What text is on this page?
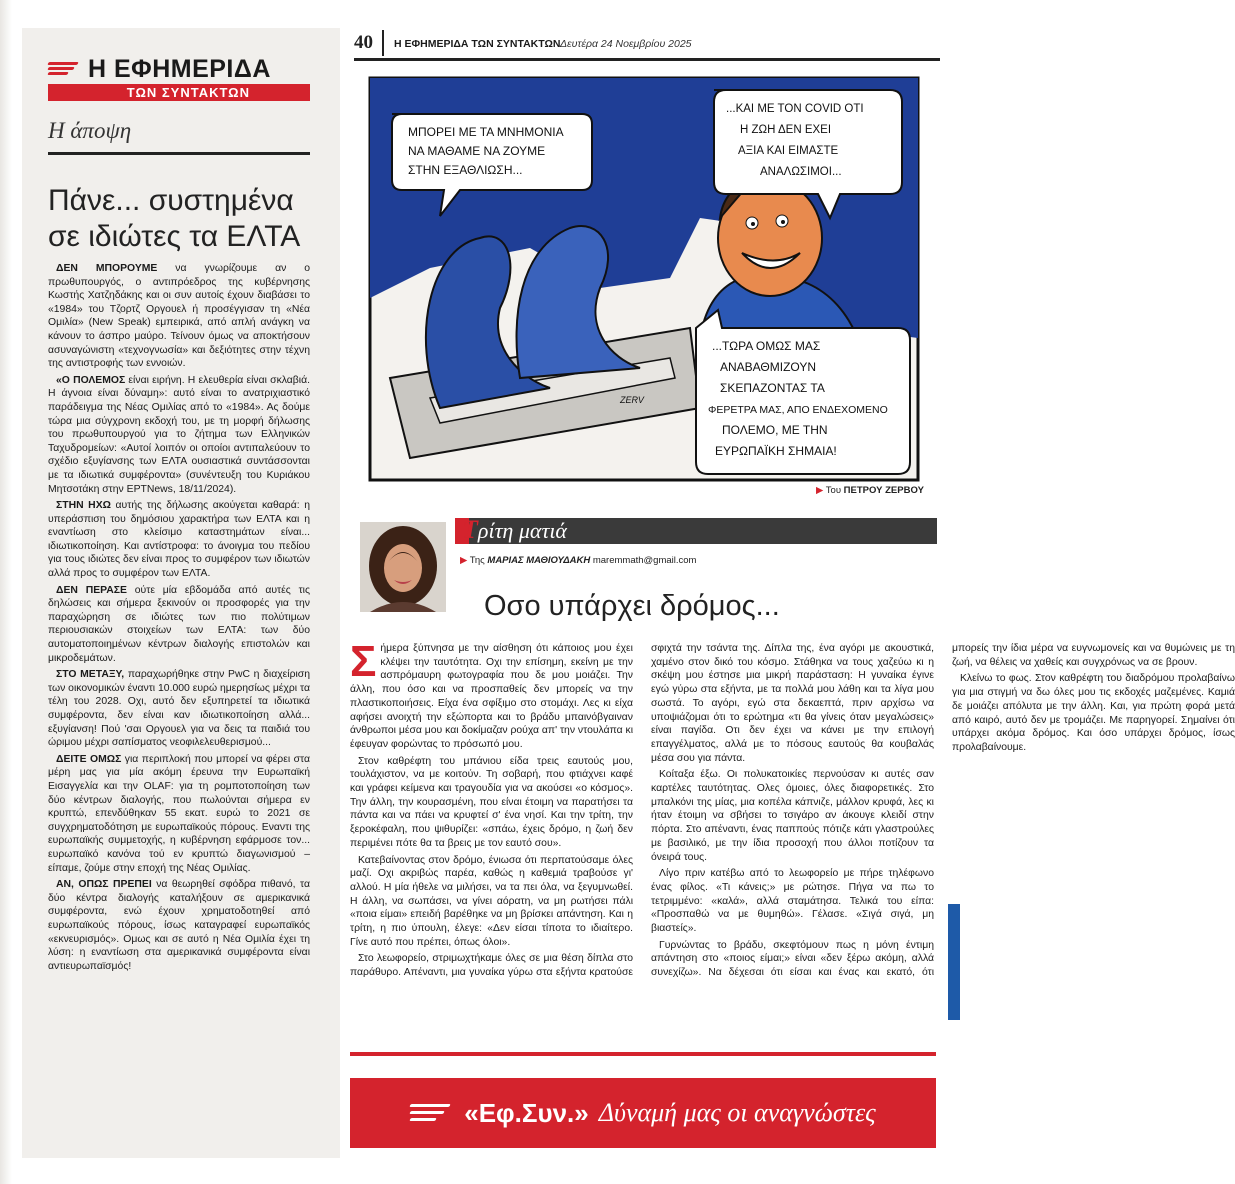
Η ΕΦΗΜΕΡΙΔΑ
ΤΩΝ ΣΥΝΤΑΚΤΩΝ
Η άποψη
Πάνε... συστημένα σε ιδιώτες τα ΕΛΤΑ

ΔΕΝ ΜΠΟΡΟΥΜΕ να γνωρίζουμε αν ο πρωθυπουργός, ο αντιπρόεδρος της κυβέρνησης Κωστής Χατζηδάκης και οι συν αυτοίς έχουν διαβάσει το «1984» του Τζορτζ Οργουελ ή προσέγγισαν τη «Νέα Ομιλία» (New Speak) εμπειρικά, από απλή ανάγκη να κάνουν το άσπρο μαύρο. Τείνουν όμως να αποκτήσουν ασυναγώνιστη «τεχνογνωσία» και δεξιότητες στην τέχνη της αντιστροφής των εννοιών.

«Ο ΠΟΛΕΜΟΣ είναι ειρήνη. Η ελευθερία είναι σκλαβιά. Η άγνοια είναι δύναμη»: αυτό είναι το ανατριχιαστικό παράδειγμα της Νέας Ομιλίας από το «1984». Ας δούμε τώρα μια σύγχρονη εκδοχή του, με τη μορφή δήλωσης του πρωθυπουργού για το ζήτημα των Ελληνικών Ταχυδρομείων: «Αυτοί λοιπόν οι οποίοι αντιπαλεύουν το σχέδιο εξυγίανσης των ΕΛΤΑ ουσιαστικά συντάσσονται με τα ιδιωτικά συμφέροντα» (συνέντευξη του Κυριάκου Μητσοτάκη στην ΕΡΤNews, 18/11/2024).

ΣΤΗΝ ΗΧΩ αυτής της δήλωσης ακούγεται καθαρά: η υπεράσπιση του δημόσιου χαρακτήρα των ΕΛΤΑ και η εναντίωση στο κλείσιμο καταστημάτων είναι... ιδιωτικοποίηση. Και αντίστροφα: το άνοιγμα του πεδίου για τους ιδιώτες δεν είναι προς το συμφέρον των ιδιωτών αλλά προς το συμφέρον των ΕΛΤΑ.

ΔΕΝ ΠΕΡΑΣΕ ούτε μία εβδομάδα από αυτές τις δηλώσεις και σήμερα ξεκινούν οι προσφορές για την παραχώρηση σε ιδιώτες των πιο πολύτιμων περιουσιακών στοιχείων των ΕΛΤΑ: των δύο αυτοματοποιημένων κέντρων διαλογής επιστολών και μικροδεμάτων.

ΣΤΟ ΜΕΤΑΞΥ, παραχωρήθηκε στην PwC η διαχείριση των οικονομικών έναντι 10.000 ευρώ ημερησίως μέχρι τα τέλη του 2028. Οχι, αυτό δεν εξυπηρετεί τα ιδιωτικά συμφέροντα, δεν είναι καν ιδιωτικοποίηση αλλά... εξυγίανση! Πού 'σαι Οργουελ για να δεις τα παιδιά του ώριμου μέχρι σαπίσματος νεοφιλελευθερισμού...

ΔΕΙΤΕ ΟΜΩΣ για περιπλοκή που μπορεί να φέρει στα μέρη μας για μία ακόμη έρευνα την Ευρωπαϊκή Εισαγγελία και την OLAF: για τη ρομποτοποίηση των δύο κέντρων διαλογής, που πωλούνται σήμερα εν κρυπτώ, επενδύθηκαν 55 εκατ. ευρώ το 2021 σε συγχρηματοδότηση με ευρωπαϊκούς πόρους. Εναντι της ευρωπαϊκής συμμετοχής, η κυβέρνηση εφάρμοσε τον... ευρωπαϊκό κανόνα τού εν κρυπτώ διαγωνισμού – είπαμε, ζούμε στην εποχή της Νέας Ομιλίας.

ΑΝ, ΟΠΩΣ ΠΡΕΠΕΙ να θεωρηθεί σφόδρα πιθανό, τα δύο κέντρα διαλογής καταλήξουν σε αμερικανικά συμφέροντα, ενώ έχουν χρηματοδοτηθεί από ευρωπαϊκούς πόρους, ίσως καταγραφεί ευρωπαϊκός «εκνευρισμός». Ομως και σε αυτό η Νέα Ομιλία έχει τη λύση: η εναντίωση στα αμερικανικά συμφέροντα είναι αντιευρωπαϊσμός!

40 Η ΕΦΗΜΕΡΙΔΑ ΤΩΝ ΣΥΝΤΑΚΤΩΝ Δευτέρα 24 Νοεμβρίου 2025
ΜΠΟΡΕΙ ΜΕ ΤΑ ΜΝΗΜΟΝΙΑ
ΝΑ ΜΑΘΑΜΕ ΝΑ ΖΟΥΜΕ
ΣΤΗΝ ΕΞΑΘΛΙΩΣΗ...
...ΚΑΙ ΜΕ ΤΟΝ COVID ΟΤΙ
Η ΖΩΗ ΔΕΝ ΕΧΕΙ
ΑΞΙΑ ΚΑΙ ΕΙΜΑΣΤΕ
ΑΝΑΛΩΣΙΜΟΙ...
...ΤΩΡΑ ΟΜΩΣ ΜΑΣ
ΑΝΑΒΑΘΜΙΖΟΥΝ
ΣΚΕΠΑΖΟΝΤΑΣ ΤΑ
ΦΕΡΕΤΡΑ ΜΑΣ, ΑΠΟ ΕΝΔΕΧΟΜΕΝΟ
ΠΟΛΕΜΟ, ΜΕ ΤΗΝ
ΕΥΡΩΠΑΪΚΗ ΣΗΜΑΙΑ!
ZERV
▶ Του ΠΕΤΡΟΥ ΖΕΡΒΟΥ
Τρίτη ματιά
▶ Της ΜΑΡΙΑΣ ΜΑΘΙΟΥΔΑΚΗ maremmath@gmail.com
Οσο υπάρχει δρόμος...

Σήμερα ξύπνησα με την αίσθηση ότι κάποιος μου έχει κλέψει την ταυτότητα. Οχι την επίσημη, εκείνη με την ασπρόμαυρη φωτογραφία που δε μου μοιάζει. Την άλλη, που όσο και να προσπαθείς δεν μπορείς να την πλαστικοποιήσεις. Είχα ένα σφίξιμο στο στομάχι. Λες κι είχα αφήσει ανοιχτή την εξώπορτα και το βράδυ μπαινόβγαιναν άνθρωποι μέσα μου και δοκίμαζαν ρούχα απ' την ντουλάπα κι έφευγαν φορώντας το πρόσωπό μου.

Στον καθρέφτη του μπάνιου είδα τρεις εαυτούς μου, τουλάχιστον, να με κοιτούν. Τη σοβαρή, που φτιάχνει καφέ και γράφει κείμενα και τραγουδία για να ακούσει «ο κόσμος». Την άλλη, την κουρασμένη, που είναι έτοιμη να παρατήσει τα πάντα και να πάει να κρυφτεί σ' ένα νησί. Και την τρίτη, την ξεροκέφαλη, που ψιθυρίζει: «σπάω, έχεις δρόμο, η ζωή δεν περιμένει πότε θα τα βρεις με τον εαυτό σου».

Κατεβαίνοντας στον δρόμο, ένιωσα ότι περπατούσαμε όλες μαζί. Οχι ακριβώς παρέα, καθώς η καθεμιά τραβούσε γι' αλλού. Η μία ήθελε να μιλήσει, να τα πει όλα, να ξεγυμνωθεί. Η άλλη, να σωπάσει, να γίνει αόρατη, να μη ρωτήσει πάλι «ποια είμαι» επειδή βαρέθηκε να μη βρίσκει απάντηση. Και η τρίτη, η πιο ύπουλη, έλεγε: «Δεν είσαι τίποτα το ιδιαίτερο. Γίνε αυτό που πρέπει, όπως όλοι».

Στο λεωφορείο, στριμωχτήκαμε όλες σε μια θέση δίπλα στο παράθυρο. Απέναντι, μια γυναίκα γύρω στα εξήντα κρατούσε σφιχτά την τσάντα της. Δίπλα της, ένα αγόρι με ακουστικά, χαμένο στον δικό του κόσμο. Στάθηκα να τους χαζεύω κι η σκέψη μου έστησε μια μικρή παράσταση: Η γυναίκα έγινε εγώ γύρω στα εξήντα, με τα πολλά μου λάθη και τα λίγα μου σωστά. Το αγόρι, εγώ στα δεκαεπτά, πριν αρχίσω να υποψιάζομαι ότι το ερώτημα «τι θα γίνεις όταν μεγαλώσεις» είναι παγίδα. Οτι δεν έχει να κάνει με την επιλογή επαγγέλματος, αλλά με το πόσους εαυτούς θα κουβαλάς μέσα σου για πάντα.

Κοίταξα έξω. Οι πολυκατοικίες περνούσαν κι αυτές σαν καρτέλες ταυτότητας. Ολες όμοιες, όλες διαφορετικές. Στο μπαλκόνι της μίας, μια κοπέλα κάπνιζε, μάλλον κρυφά, λες κι ήταν έτοιμη να σβήσει το τσιγάρο αν άκουγε κλειδί στην πόρτα. Στο απέναντι, ένας παππούς πότιζε κάτι γλαστρούλες με βασιλικό, με την ίδια προσοχή που άλλοι ποτίζουν τα όνειρά τους.

Λίγο πριν κατέβω από το λεωφορείο με πήρε τηλέφωνο ένας φίλος. «Τι κάνεις;» με ρώτησε. Πήγα να πω το τετριμμένο: «καλά», αλλά σταμάτησα. Τελικά του είπα: «Προσπαθώ να με θυμηθώ». Γέλασε. «Σιγά σιγά, μη βιαστείς».

Γυρνώντας το βράδυ, σκεφτόμουν πως η μόνη έντιμη απάντηση στο «ποιος είμαι;» είναι «δεν ξέρω ακόμη, αλλά συνεχίζω». Να δέχεσαι ότι είσαι και ένας και εκατό, ότι μπορείς την ίδια μέρα να ευγνωμονείς και να θυμώνεις με τη ζωή, να θέλεις να χαθείς και συγχρόνως να σε βρουν.

Κλείνω το φως. Στον καθρέφτη του διαδρόμου προλαβαίνω για μια στιγμή να δω όλες μου τις εκδοχές μαζεμένες. Καμιά δε μοιάζει απόλυτα με την άλλη. Και, για πρώτη φορά μετά από καιρό, αυτό δεν με τρομάζει. Με παρηγορεί. Σημαίνει ότι υπάρχει ακόμα δρόμος. Και όσο υπάρχει δρόμος, ίσως προλαβαίνουμε.

«Εφ.Συν.» Δύναμή μας οι αναγνώστες
